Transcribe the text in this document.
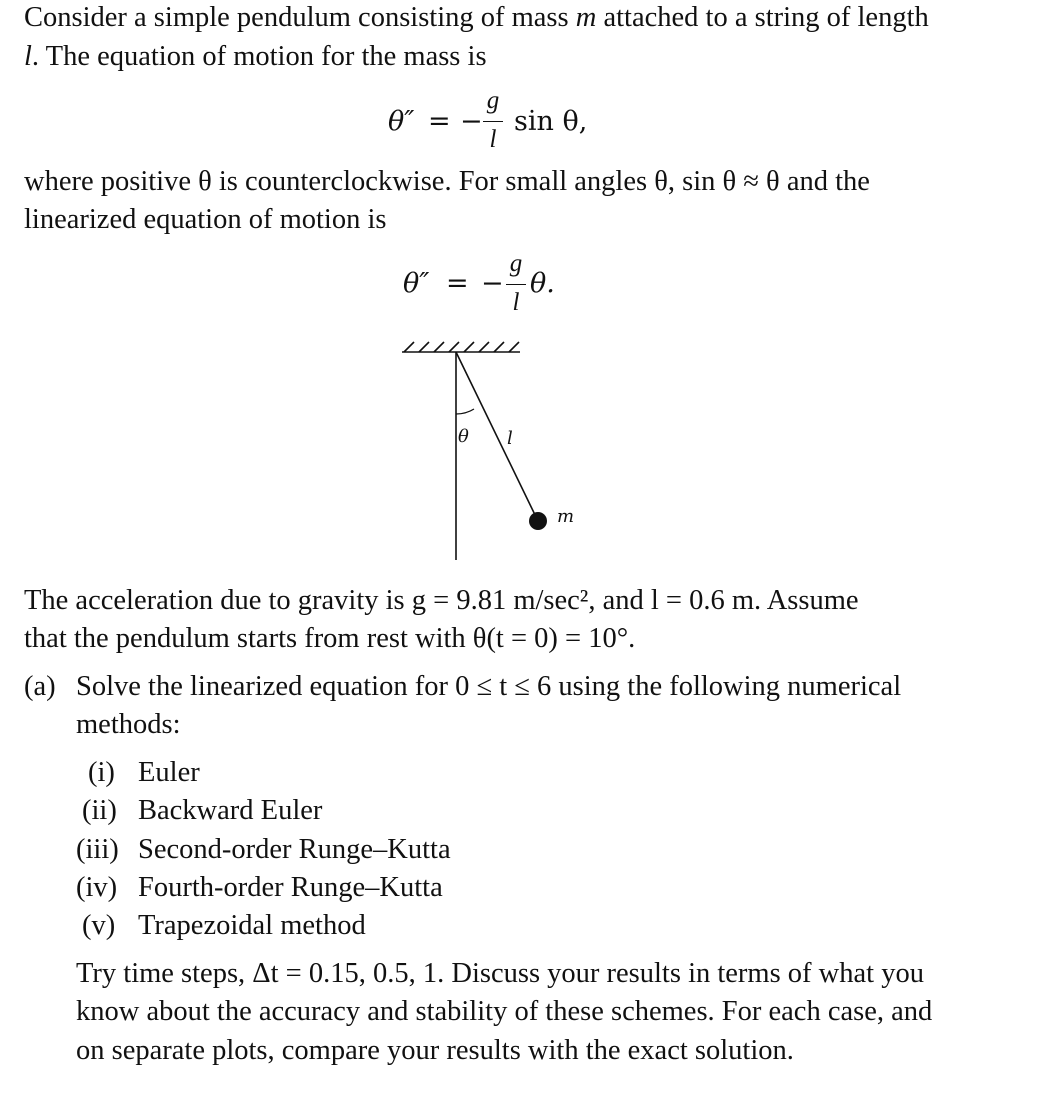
Consider a simple pendulum consisting of mass m attached to a string of length
l. The equation of motion for the mass is
θ″ = −
g
l
sin θ,
where positive θ is counterclockwise. For small angles θ, sin θ ≈ θ and the
linearized equation of motion is
θ″ = −
g
l
θ.
θ l
m
The acceleration due to gravity is g = 9.81 m/sec², and l = 0.6 m. Assume
that the pendulum starts from rest with θ(t = 0) = 10°.
(a) Solve the linearized equation for 0 ≤ t ≤ 6 using the following numerical
methods:
(i) Euler
(ii) Backward Euler
(iii) Second-order Runge–Kutta
(iv) Fourth-order Runge–Kutta
(v) Trapezoidal method
Try time steps, Δt = 0.15, 0.5, 1. Discuss your results in terms of what you
know about the accuracy and stability of these schemes. For each case, and
on separate plots, compare your results with the exact solution.
